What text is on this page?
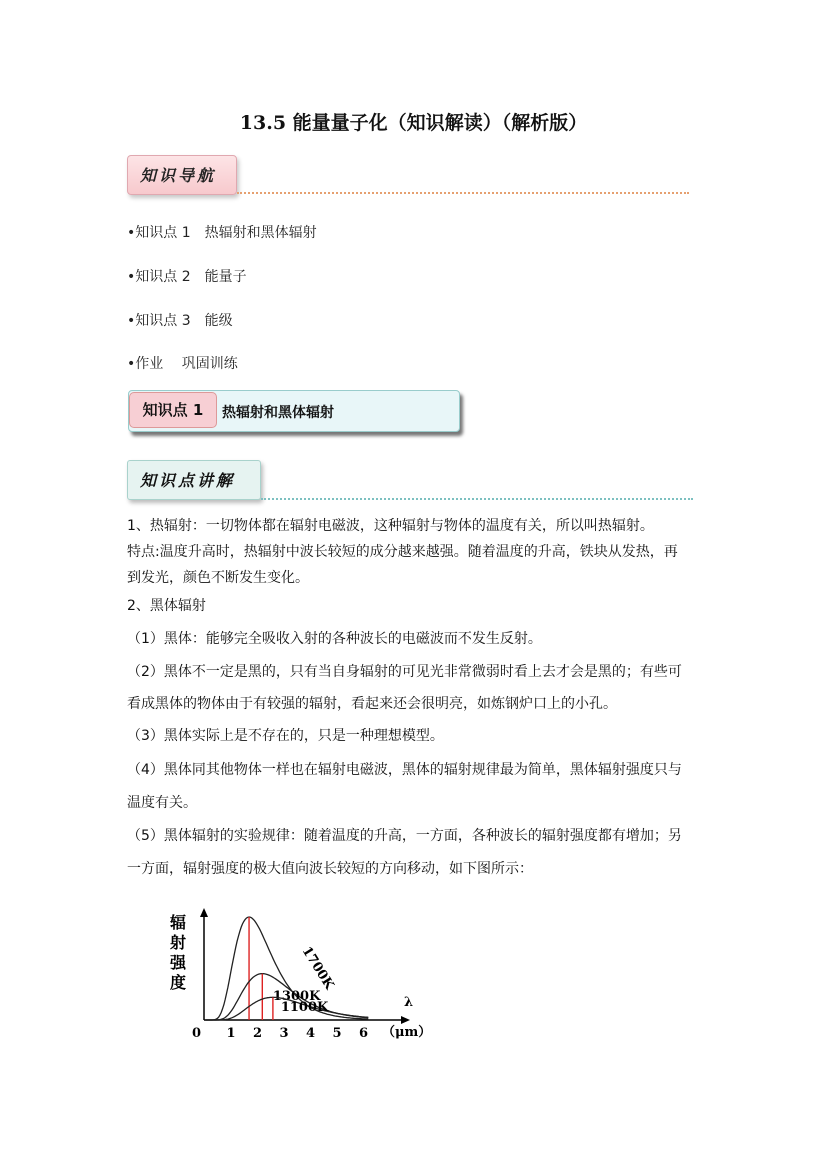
13.5 能量量子化（知识解读）（解析版）
知识导航
•知识点 1　热辐射和黑体辐射
•知识点 2　能量子
•知识点 3　能级
•作业　 巩固训练
知识点 1	热辐射和黑体辐射
知识点讲解
1、热辐射：一切物体都在辐射电磁波，这种辐射与物体的温度有关，所以叫热辐射。
特点:温度升高时，热辐射中波长较短的成分越来越强。随着温度的升高，铁块从发热，再
到发光，颜色不断发生变化。
2、黑体辐射
（1）黑体：能够完全吸收入射的各种波长的电磁波而不发生反射。
（2）黑体不一定是黑的，只有当自身辐射的可见光非常微弱时看上去才会是黑的；有些可
看成黑体的物体由于有较强的辐射，看起来还会很明亮，如炼钢炉口上的小孔。
（3）黑体实际上是不存在的，只是一种理想模型。
（4）黑体同其他物体一样也在辐射电磁波，黑体的辐射规律最为简单，黑体辐射强度只与
温度有关。
（5）黑体辐射的实验规律：随着温度的升高，一方面，各种波长的辐射强度都有增加；另
一方面，辐射强度的极大值向波长较短的方向移动，如下图所示：
辐
射
强
度
λ
（μm）
0 1 2 3 4 5 6
1700K
1300K
1100K
